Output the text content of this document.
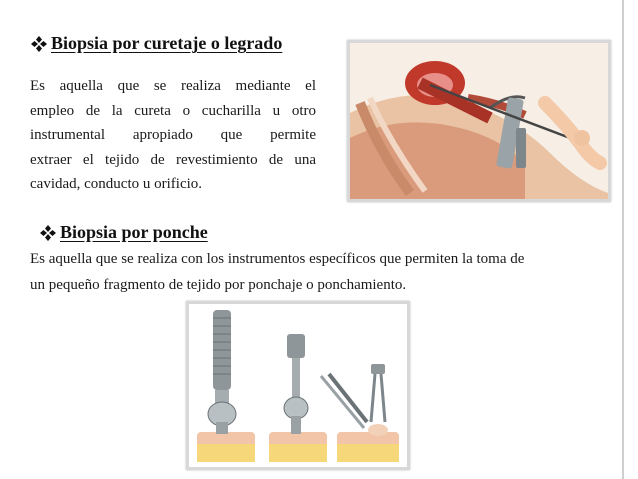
Biopsia por curetaje o legrado
Es aquella que se realiza mediante el
empleo de la cureta o cucharilla u otro
instrumental apropiado que permite
extraer el tejido de revestimiento de una
cavidad, conducto u orificio.
Biopsia por ponche
Es aquella que se realiza con los instrumentos específicos que permiten la toma de
un pequeño fragmento de tejido por ponchaje o ponchamiento.
